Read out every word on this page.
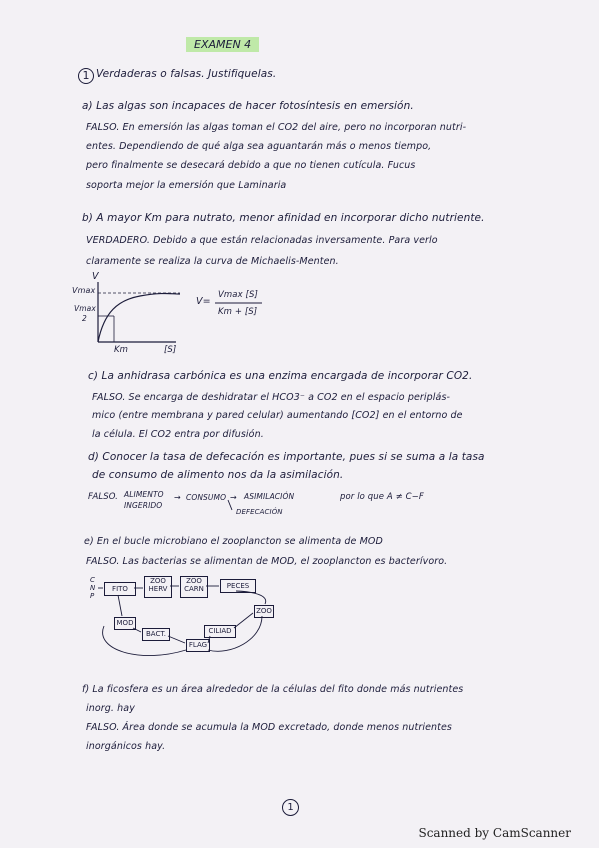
EXAMEN 4
1 Verdaderas o falsas. Justifiquelas.
a) Las algas son incapaces de hacer fotosíntesis en emersión.
FALSO. En emersión las algas toman el CO2 del aire, pero no incorporan nutri-
entes. Dependiendo de qué alga sea aguantarán más o menos tiempo,
pero finalmente se desecará debido a que no tienen cutícula. Fucus
soporta mejor la emersión que Laminaria
b) A mayor Km para nutrato, menor afinidad en incorporar dicho nutriente.
VERDADERO. Debido a que están relacionadas inversamente. Para verlo
claramente se realiza la curva de Michaelis-Menten.
V
Vmax
Vmax
2
Km	[S]
V=
Vmax [S]
Km + [S]
c) La anhidrasa carbónica es una enzima encargada de incorporar CO2.
FALSO. Se encarga de deshidratar el HCO3⁻ a CO2 en el espacio periplás-
mico (entre membrana y pared celular) aumentando [CO2] en el entorno de
la célula. El CO2 entra por difusión.
d) Conocer la tasa de defecación es importante, pues si se suma a la tasa
de consumo de alimento nos da la asimilación.
FALSO. ALIMENTO
INGERIDO
→ CONSUMO → ASIMILACIÓN
DEFECACIÓN
por lo que A ≠ C−F
e) En el bucle microbiano el zooplancton se alimenta de MOD
FALSO. Las bacterias se alimentan de MOD, el zooplancton es bacterívoro.
C
N
P
FITO
ZOO
HERV
ZOO
CARN	PECES
ZOO
MOD
BACT.	CILIAD
FLAG
f) La ficosfera es un área alrededor de la células del fito donde más nutrientes
inorg. hay
FALSO. Área donde se acumula la MOD excretado, donde menos nutrientes
inorgánicos hay.
1
Scanned by CamScanner
